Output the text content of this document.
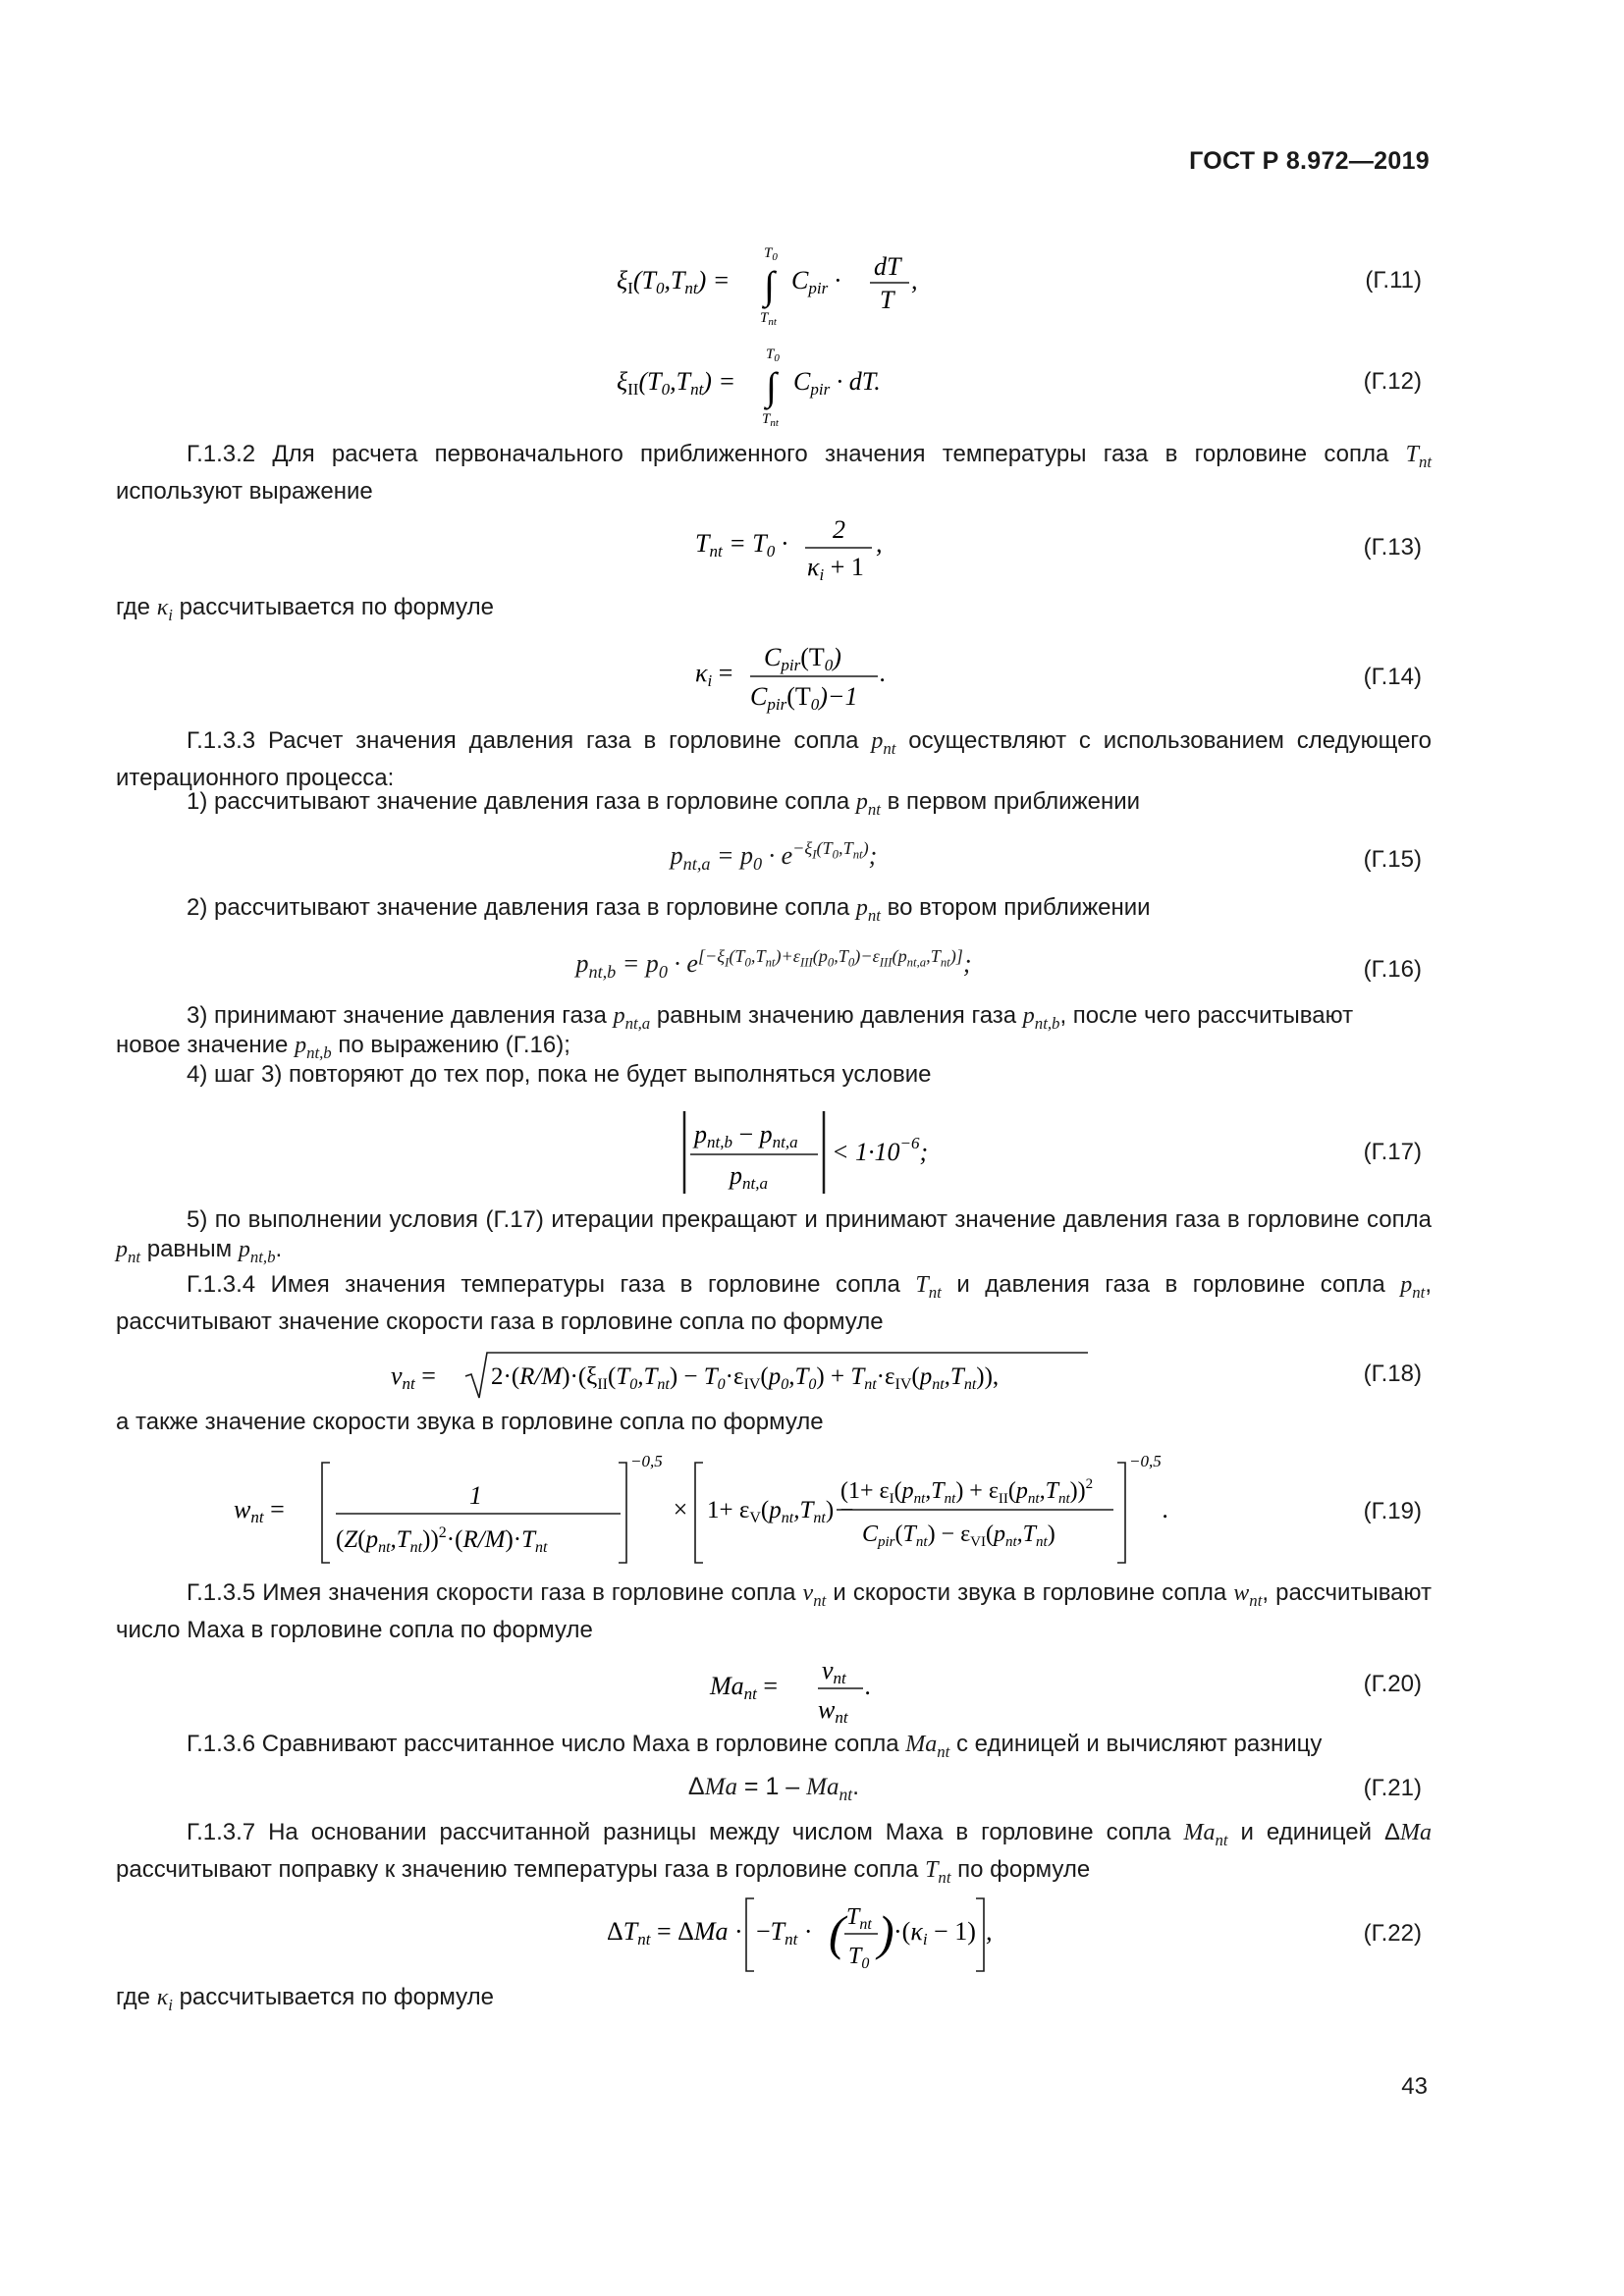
ГОСТ Р 8.972—2019
ξI(T0,Tnt) = ∫
$T_0$
$T_{nt}$
Cpir · dT
T
,	(Г.11)
ξII(T0,Tnt) = ∫
$T_0$
$T_{nt}$
Cpir · dT.	(Г.12)
Г.1.3.2 Для расчета первоначального приближенного значения температуры газа в горловине сопла $T_{nt}$ используют выражение
Tnt = T0 · 2
κi + 1
,	(Г.13)
где $\kappa_i$ рассчитывается по формуле
κi =
Cpir(T0)
Cpir(T0)−1
.	(Г.14)
Г.1.3.3 Расчет значения давления газа в горловине сопла $p_{nt}$ осуществляют с использованием следующего итерационного процесса:
1) рассчитывают значение давления газа в горловине сопла $p_{nt}$ в первом приближении
$p_{nt,a} = p_0 \cdot e^{-\xi_I(T_0,T_{nt})}$;	(Г.15)
2) рассчитывают значение давления газа в горловине сопла $p_{nt}$ во втором приближении
$p_{nt,b} = p_0 \cdot e[-\xi I(T0,Tnt)+\varepsilon III(p0,T0)-\varepsilon III(pnt,a,Tnt)]$;	(Г.16)
3) принимают значение давления газа $p_{nt,a}$ равным значению давления газа $p_{nt,b}$, после чего рассчитывают
новое значение $p_{nt,b}$ по выражению (Г.16);
4) шаг 3) повторяют до тех пор, пока не будет выполняться условие
pnt,b − pnt,a
pnt,a
< $1\cdot 10^{-6}$;	(Г.17)
5) по выполнении условия (Г.17) итерации прекращают и принимают значение давления газа в горловине сопла $p_{nt}$ равным $p_{nt,b}$.
Г.1.3.4 Имея значения температуры газа в горловине сопла $T_{nt}$ и давления газа в горловине сопла $p_{nt}$, рассчитывают значение скорости газа в горловине сопла по формуле
vnt = $2\cdot(R/M)\cdot(\xi_{II}(T_0,T_{nt}) - T_0\cdot\varepsilon_{IV}(p_0,T_0) + T_{nt}\cdot\varepsilon_{IV}(p_{nt},T_{nt}))$,	(Г.18)
а также значение скорости звука в горловине сопла по формуле
wnt =	1
$(Z(p_{nt},T_{nt}))^2\cdot(R/M)\cdot T_{nt}$
−0,5
× $1+ \varepsilon_V(p_{nt},T_{nt})$ −
$(1+ \varepsilon_I(p_{nt},T_{nt}) + \varepsilon_{II}(p_{nt},T_{nt}))^2$
$C_{pir}(T_{nt}) - \varepsilon_{VI}(p_{nt},T_{nt})$
−0,5
.	(Г.19)
Г.1.3.5 Имея значения скорости газа в горловине сопла $v_{nt}$ и скорости звука в горловине сопла $w_{nt}$, рассчитывают число Маха в горловине сопла по формуле
Mant =
vnt
wnt
.	(Г.20)
Г.1.3.6 Сравнивают рассчитанное число Маха в горловине сопла $Ma_{nt}$ с единицей и вычисляют разницу
$\Delta Ma = 1 - Ma_{nt}$.	(Г.21)
Г.1.3.7 На основании рассчитанной разницы между числом Маха в горловине сопла $Ma_{nt}$ и единицей ΔMa рассчитывают поправку к значению температуры газа в горловине сопла $T_{nt}$ по формуле
ΔTnt = ΔMa · −Tnt · ( $T_{nt}$
$T_0$
) ·(κi − 1) ,	(Г.22)
где $\kappa_i$ рассчитывается по формуле
43
